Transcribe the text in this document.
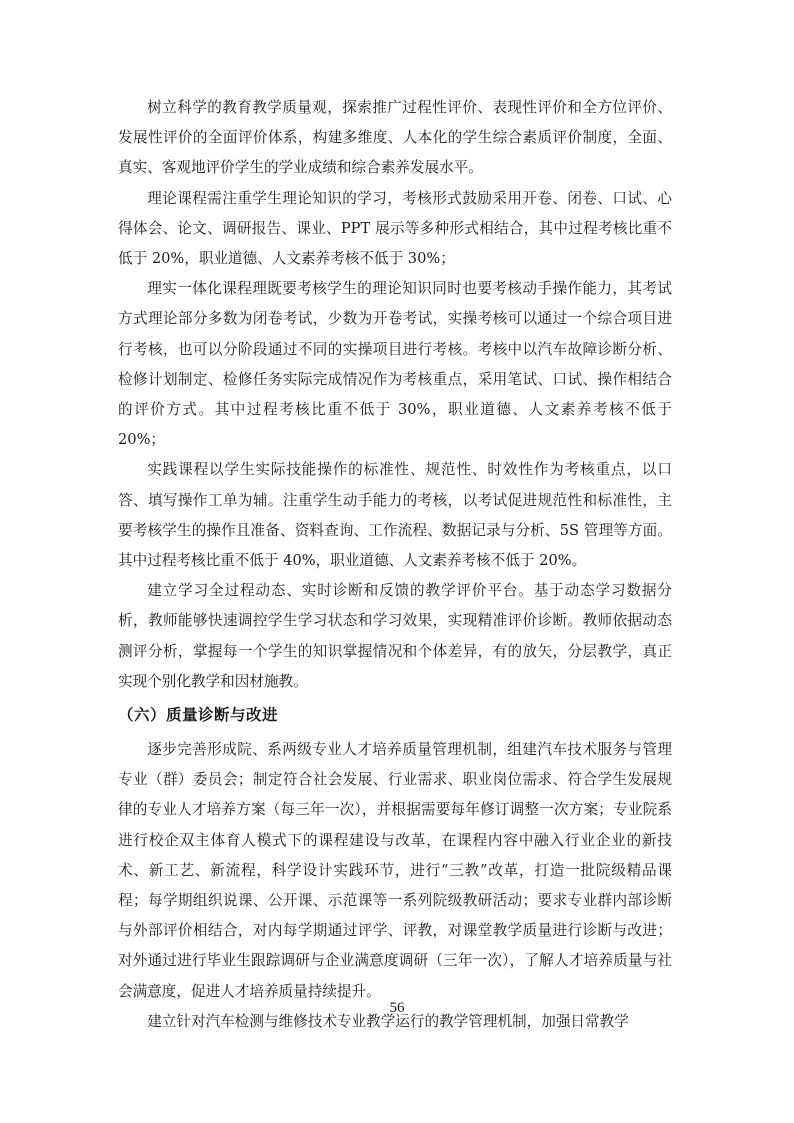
树立科学的教育教学质量观，探索推广过程性评价、表现性评价和全方位评价、发展性评价的全面评价体系，构建多维度、人本化的学生综合素质评价制度，全面、真实、客观地评价学生的学业成绩和综合素养发展水平。

理论课程需注重学生理论知识的学习，考核形式鼓励采用开卷、闭卷、口试、心得体会、论文、调研报告、课业、PPT 展示等多种形式相结合，其中过程考核比重不低于 20%，职业道德、人文素养考核不低于 30%；

理实一体化课程理既要考核学生的理论知识同时也要考核动手操作能力，其考试方式理论部分多数为闭卷考试，少数为开卷考试，实操考核可以通过一个综合项目进行考核，也可以分阶段通过不同的实操项目进行考核。考核中以汽车故障诊断分析、检修计划制定、检修任务实际完成情况作为考核重点，采用笔试、口试、操作相结合的评价方式。其中过程考核比重不低于 30%，职业道德、人文素养考核不低于 20%；

实践课程以学生实际技能操作的标准性、规范性、时效性作为考核重点，以口答、填写操作工单为辅。注重学生动手能力的考核，以考试促进规范性和标准性，主要考核学生的操作且准备、资料查询、工作流程、数据记录与分析、5S 管理等方面。其中过程考核比重不低于 40%，职业道德、人文素养考核不低于 20%。

建立学习全过程动态、实时诊断和反馈的教学评价平台。基于动态学习数据分析，教师能够快速调控学生学习状态和学习效果，实现精准评价诊断。教师依据动态测评分析，掌握每一个学生的知识掌握情况和个体差异，有的放矢，分层教学，真正实现个别化教学和因材施教。

（六）质量诊断与改进

逐步完善形成院、系两级专业人才培养质量管理机制，组建汽车技术服务与管理专业（群）委员会；制定符合社会发展、行业需求、职业岗位需求、符合学生发展规律的专业人才培养方案（每三年一次），并根据需要每年修订调整一次方案；专业院系进行校企双主体育人模式下的课程建设与改革，在课程内容中融入行业企业的新技术、新工艺、新流程，科学设计实践环节，进行“三教”改革，打造一批院级精品课程；每学期组织说课、公开课、示范课等一系列院级教研活动；要求专业群内部诊断与外部评价相结合，对内每学期通过评学、评教，对课堂教学质量进行诊断与改进；对外通过进行毕业生跟踪调研与企业满意度调研（三年一次），了解人才培养质量与社会满意度，促进人才培养质量持续提升。

建立针对汽车检测与维修技术专业教学运行的教学管理机制，加强日常教学

56
